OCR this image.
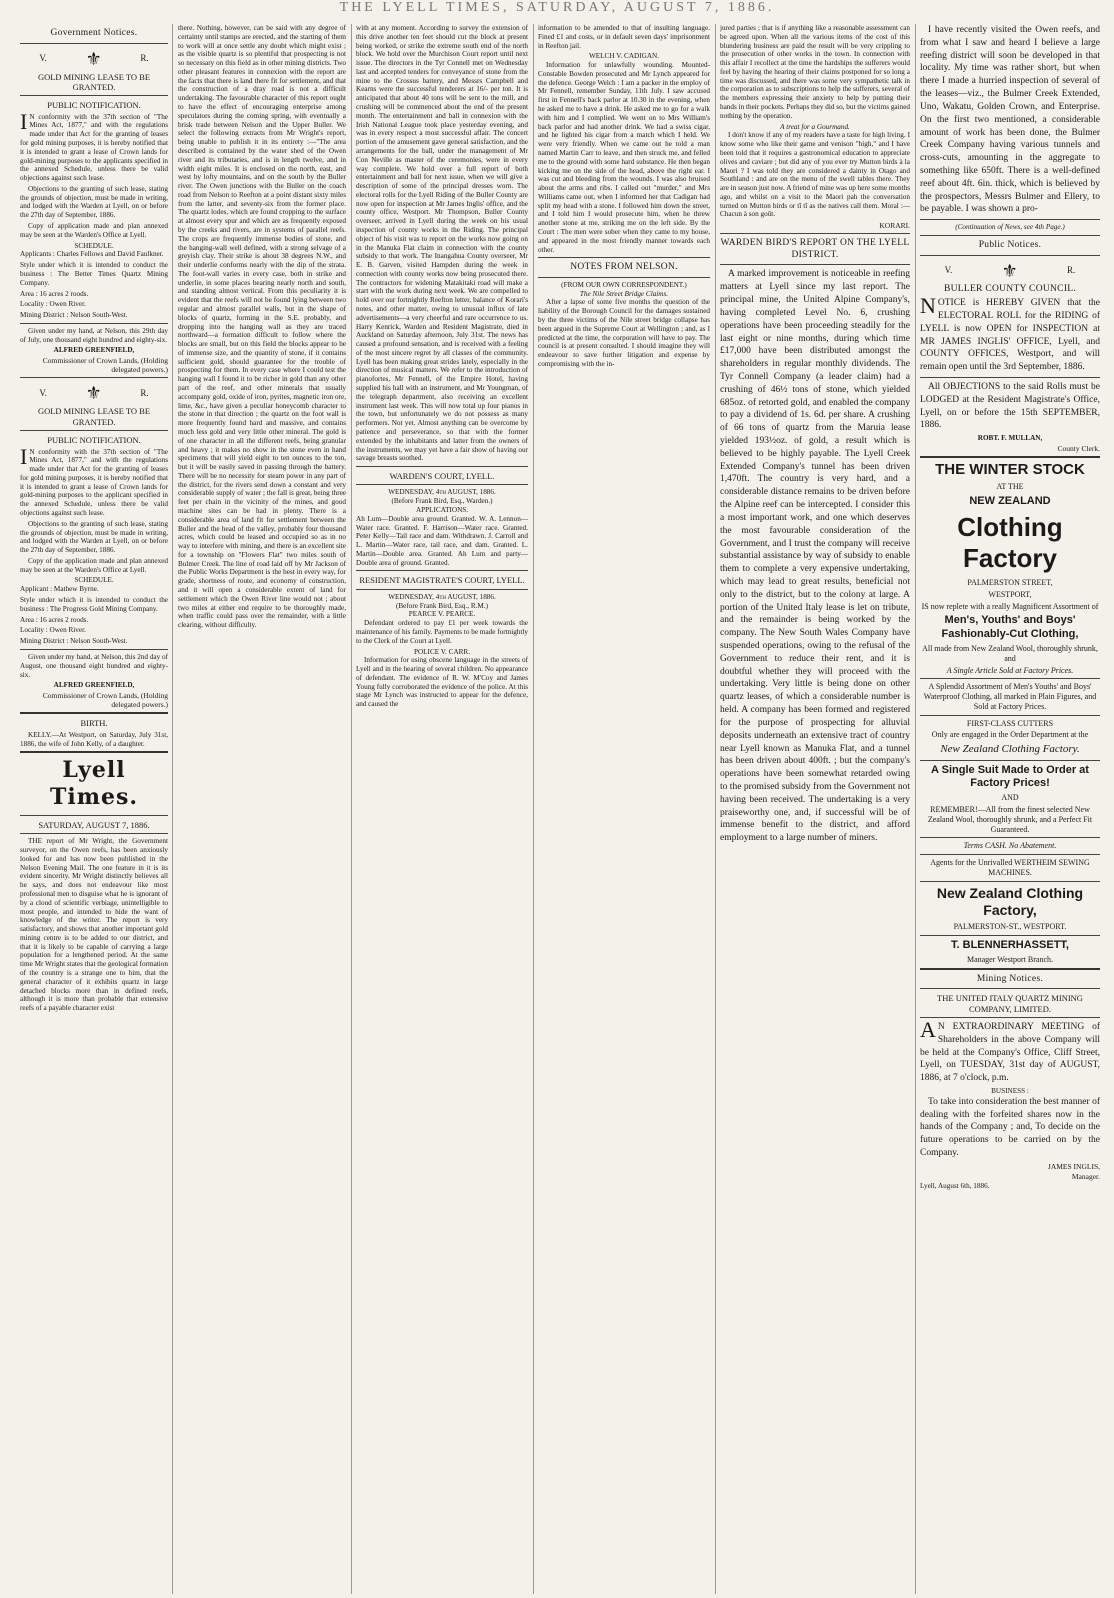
THE LYELL TIMES, SATURDAY, AUGUST 7, 1886.
Government Notices.
V. ⚜	R.
GOLD MINING LEASE TO BE GRANTED.
PUBLIC NOTIFICATION.

I N conformity with the 37th section of "The Mines Act, 1877," and with the regulations made under that Act for the granting of leases for gold mining purposes, it is hereby notified that it is intended to grant a lease of Crown lands for gold-mining purposes to the applicants specified in the annexed Schedule, unless there be valid objections against such lease.

Objections to the granting of such lease, stating the grounds of objection, must be made in writing, and lodged with the Warden at Lyell, on or before the 27th day of September, 1886.

Copy of application made and plan annexed may be seen at the Warden's Office at Lyell.

SCHEDULE.

Applicants : Charles Fellows and David Faulkner.

Style under which it is intended to conduct the business : The Better Times Quartz Mining Company.

Area : 16 acres 2 roods.

Locality : Owen River.

Mining District : Nelson South-West.

Given under my hand, at Nelson, this 29th day of July, one thousand eight hundred and eighty-six.

ALFRED GREENFIELD,
Commissioner of Crown Lands, (Holding delegated powers.)
V. ⚜	R.
GOLD MINING LEASE TO BE GRANTED.
PUBLIC NOTIFICATION.

I N conformity with the 37th section of "The Mines Act, 1877," and with the regulations made under that Act for the granting of leases for gold mining purposes, it is hereby notified that it is intended to grant a lease of Crown lands for gold-mining purposes to the applicant specified in the annexed Schedule, unless there be valid objections against such lease.

Objections to the granting of such lease, stating the grounds of objection, must be made in writing, and lodged with the Warden at Lyell, on or before the 27th day of September, 1886.

Copy of the application made and plan annexed may be seen at the Warden's Office at Lyell.

SCHEDULE.

Applicant : Mathew Byrne.

Style under which it is intended to conduct the business : The Progress Gold Mining Company.

Area : 16 acres 2 roods.

Locality : Owen River.

Mining District : Nelson South-West.

Given under my hand, at Nelson, this 2nd day of August, one thousand eight hundred and eighty-six.

ALFRED GREENFIELD,
Commissioner of Crown Lands, (Holding delegated powers.)
BIRTH.

KELLY.—At Westport, on Saturday, July 31st, 1886, the wife of John Kelly, of a daughter.

Lyell Times.
SATURDAY, AUGUST 7, 1886.

THE report of Mr Wright, the Government surveyor, on the Owen reefs, has been anxiously looked for and has now been published in the Nelson Evening Mail. The one feature in it is its evident sincerity. Mr Wright distinctly believes all he says, and does not endeavour like most professional men to disguise what he is ignorant of by a cloud of scientific verbiage, unintelligible to most people, and intended to hide the want of knowledge of the writer. The report is very satisfactory, and shows that another important gold mining centre is to be added to our district, and that it is likely to be capable of carrying a large population for a lengthened period. At the same time Mr Wright states that the geological formation of the country is a strange one to him, that the general character of it exhibits quartz in large detached blocks more than in defined reefs, although it is more than probable that extensive reefs of a payable character exist

there. Nothing, however, can be said with any degree of certainty until stamps are erected, and the starting of them to work will at once settle any doubt which might exist ; as the visible quartz is so plentiful that prospecting is not so necessary on this field as in other mining districts. Two other pleasant features in connexion with the report are the facts that there is land there fit for settlement, and that the construction of a dray road is not a difficult undertaking. The favourable character of this report ought to have the effect of encouraging enterprise among speculators during the coming spring, with eventually a brisk trade between Nelson and the Upper Buller. We select the following extracts from Mr Wright's report, being unable to publish it in its entirety :—"The area described is contained by the water shed of the Owen river and its tributaries, and is in length twelve, and in width eight miles. It is enclosed on the north, east, and west by lofty mountains, and on the south by the Buller river. The Owen junctions with the Buller on the coach road from Nelson to Reefton at a point distant sixty miles from the latter, and seventy-six from the former place. The quartz lodes, which are found cropping to the surface at almost every spur and which are as frequently exposed by the creeks and rivers, are in systems of parallel reefs. The crops are frequently immense bodies of stone, and the hanging-wall well defined, with a strong selvage of a greyish clay. Their strike is about 38 degrees N.W., and their underlie conforms nearly with the dip of the strata. The foot-wall varies in every case, both in strike and underlie, in some places bearing nearly north and south, and standing almost vertical. From this peculiarity it is evident that the reefs will not be found lying between two regular and almost parallel walls, but in the shape of blocks of quartz, forming in the S.E. probably, and dropping into the hanging wall as they are traced northward—a formation difficult to follow where the blocks are small, but on this field the blocks appear to be of immense size, and the quantity of stone, if it contains sufficient gold, should guarantee for the trouble of prospecting for them. In every case where I could test the hanging wall I found it to be richer in gold than any other part of the reef, and other minerals that usually accompany gold, oxide of iron, pyrites, magnetic iron ore, lime, &c., have given a peculiar honeycomb character to the stone in that direction ; the quartz on the foot wall is more frequently found hard and massive, and contains much less gold and very little other mineral. The gold is of one character in all the different reefs, being granular and heavy ; it makes no show in the stone even in hand specimens that will yield eight to ten ounces to the ton, but it will be easily saved in passing through the battery. There will be no necessity for steam power in any part of the district, for the rivers send down a constant and very considerable supply of water ; the fall is great, being three feet per chain in the vicinity of the mines, and good machine sites can be had in plenty. There is a considerable area of land fit for settlement between the Buller and the head of the valley, probably four thousand acres, which could be leased and occupied so as in no way to interfere with mining, and there is an excellent site for a township on "Flowers Flat" two miles south of Bulmer Creek. The line of road laid off by Mr Jackson of the Public Works Department is the best in every way, for grade, shortness of route, and economy of construction, and it will open a considerable extent of land for settlement which the Owen River line would not ; about two miles at either end require to be thoroughly made, when traffic could pass over the remainder, with a little clearing, without difficulty.

with at any moment. According to survey the extension of this drive another ten feet should cut the block at present being worked, or strike the extreme south end of the north block. We hold over the Murchison Court report until next issue. The directors in the Tyr Connell met on Wednesday last and accepted tenders for conveyance of stone from the mine to the Crossus battery, and Messrs Campbell and Kearns were the successful tenderers at 16/- per ton. It is anticipated that about 40 tons will be sent to the mill, and crushing will be commenced about the end of the present month. The entertainment and ball in connexion with the Irish National League took place yesterday evening, and was in every respect a most successful affair. The concert portion of the amusement gave general satisfaction, and the arrangements for the ball, under the management of Mr Con Neville as master of the ceremonies, were in every way complete. We hold over a full report of both entertainment and ball for next issue, when we will give a description of some of the principal dresses worn. The electoral rolls for the Lyell Riding of the Buller County are now open for inspection at Mr James Inglis' office, and the county office, Westport. Mr Thompson, Buller County overseer, arrived in Lyell during the week on his usual inspection of county works in the Riding. The principal object of his visit was to report on the works now going on in the Manuka Flat claim in connection with the county subsidy to that work. The Inangahua County overseer, Mr E. B. Garven, visited Hampden during the week in connection with county works now being prosecuted there. The contractors for widening Matakitaki road will make a start with the work during next week. We are compelled to hold over our fortnightly Reefton letter, balance of Korari's notes, and other matter, owing to unusual influx of late advertisements—a very cheerful and rare occurrence to us. Harry Kenrick, Warden and Resident Magistrate, died in Auckland on Saturday afternoon, July 31st. The news has caused a profound sensation, and is received with a feeling of the most sincere regret by all classes of the community. Lyell has been making great strides lately, especially in the direction of musical matters. We refer to the introduction of pianofortes, Mr Fennell, of the Empire Hotel, having supplied his hall with an instrument, and Mr Youngman, of the telegraph department, also receiving an excellent instrument last week. This will now total up four pianos in the town, but unfortunately we do not possess as many performers. Not yet. Almost anything can be overcome by patience and perseverance, so that with the former extended by the inhabitants and latter from the owners of the instruments, we may yet have a fair show of having our savage breasts soothed.

WARDEN'S COURT, LYELL.
WEDNESDAY, 4th AUGUST, 1886.
(Before Frank Bird, Esq., Warden.)
APPLICATIONS.

Ah Lum—Double area ground. Granted. W. A. Lennon—Water race. Granted. F. Harrison—Water race. Granted. Peter Kelly—Tail race and dam. Withdrawn. J. Carroll and L. Martin—Water race, tail race, and dam. Granted. L. Martin—Double area. Granted. Ah Lum and party—Double area of ground. Granted.

RESIDENT MAGISTRATE'S COURT, LYELL.
WEDNESDAY, 4th AUGUST, 1886.
(Before Frank Bird, Esq., R.M.)
PEARCE V. PEARCE.

Defendant ordered to pay £1 per week towards the maintenance of his family. Payments to be made fortnightly to the Clerk of the Court at Lyell.

POLICE V. CARR.

Information for using obscene language in the streets of Lyell and in the hearing of several children. No appearance of defendant. The evidence of R. W. M'Coy and James Young fully corroborated the evidence of the police. At this stage Mr Lynch was instructed to appear for the defence, and caused the

information to be amended to that of insulting language. Fined £1 and costs, or in default seven days' imprisonment in Reefton jail.

WELCH V. CADIGAN.

Information for unlawfully wounding. Mounted-Constable Bowden prosecuted and Mr Lynch appeared for the defence. George Welch : I am a packer in the employ of Mr Fennell, remember Sunday, 11th July. I saw accused first in Fennell's back parlor at 10.30 in the evening, when he asked me to have a drink. He asked me to go for a walk with him and I complied. We went on to Mrs William's back parlor and had another drink. We had a swiss cigar, and he lighted his cigar from a match which I held. We were very friendly. When we came out he told a man named Martin Carr to leave, and then struck me, and felled me to the ground with some hard substance. He then began kicking me on the side of the head, above the right ear. I was cut and bleeding from the wounds. I was also bruised about the arms and ribs. I called out "murder," and Mrs Williams came out, when I informed her that Cadigan had split my head with a stone. I followed him down the street, and I told him I would prosecute him, when he threw another stone at me, striking me on the left side. By the Court : The men were sober when they came to my house, and appeared in the most friendly manner towards each other.

NOTES FROM NELSON.
(FROM OUR OWN CORRESPONDENT.)
The Nile Street Bridge Claims.

After a lapse of some five months the question of the liability of the Borough Council for the damages sustained by the three victims of the Nile street bridge collapse has been argued in the Supreme Court at Wellington ; and, as I predicted at the time, the corporation will have to pay. The council is at present consulted. I should imagine they will endeavour to save further litigation and expense by compromising with the in-

jured parties ; that is if anything like a reasonable assessment can be agreed upon. When all the various items of the cost of this blundering business are paid the result will be very crippling to the prosecution of other works in the town. In connection with this affair I recollect at the time the hardships the sufferers would feel by having the hearing of their claims postponed for so long a time was discussed, and there was some very sympathetic talk in the corporation as to subscriptions to help the sufferers, several of the members expressing their anxiety to help by putting their hands in their pockets. Perhaps they did so, but the victims gained nothing by the operation.

A treat for a Gourmand.

I don't know if any of my readers have a taste for high living. I know some who like their game and venison "high," and I have been told that it requires a gastronomical education to appreciate olives and caviare ; but did any of you ever try Mutton birds à la Maori ? I was told they are considered a dainty in Otago and Southland : and are on the menu of the swell tables there. They are in season just now. A friend of mine was up here some months ago, and whilst on a visit to the Maori pah the conversation turned on Mutton birds or tī tī as the natives call them. Moral :—Chacun à son goût.

KORARI.
WARDEN BIRD'S REPORT ON THE LYELL DISTRICT.

A marked improvement is noticeable in reefing matters at Lyell since my last report. The principal mine, the United Alpine Company's, having completed Level No. 6, crushing operations have been proceeding steadily for the last eight or nine months, during which time £17,000 have been distributed amongst the shareholders in regular monthly dividends. The Tyr Connell Company (a leader claim) had a crushing of 46½ tons of stone, which yielded 685oz. of retorted gold, and enabled the company to pay a dividend of 1s. 6d. per share. A crushing of 66 tons of quartz from the Maruia lease yielded 193½oz. of gold, a result which is believed to be highly payable. The Lyell Creek Extended Company's tunnel has been driven 1,470ft. The country is very hard, and a considerable distance remains to be driven before the Alpine reef can be intercepted. I consider this a most important work, and one which deserves the most favourable consideration of the Government, and I trust the company will receive substantial assistance by way of subsidy to enable them to complete a very expensive undertaking, which may lead to great results, beneficial not only to the district, but to the colony at large. A portion of the United Italy lease is let on tribute, and the remainder is being worked by the company. The New South Wales Company have suspended operations, owing to the refusal of the Government to reduce their rent, and it is doubtful whether they will proceed with the undertaking. Very little is being done on other quartz leases, of which a considerable number is held. A company has been formed and registered for the purpose of prospecting for alluvial deposits underneath an extensive tract of country near Lyell known as Manuka Flat, and a tunnel has been driven about 400ft. ; but the company's operations have been somewhat retarded owing to the promised subsidy from the Government not having been received. The undertaking is a very praiseworthy one, and, if successful will be of immense benefit to the district, and afford employment to a large number of miners.

I have recently visited the Owen reefs, and from what I saw and heard I believe a large reefing district will soon be developed in that locality. My time was rather short, but when there I made a hurried inspection of several of the leases—viz., the Bulmer Creek Extended, Uno, Wakatu, Golden Crown, and Enterprise. On the first two mentioned, a considerable amount of work has been done, the Bulmer Creek Company having various tunnels and cross-cuts, amounting in the aggregate to something like 650ft. There is a well-defined reef about 4ft. 6in. thick, which is believed by the prospectors, Messrs Bulmer and Ellery, to be payable. I was shown a pro-

(Continuation of News, see 4th Page.)
Public Notices.
V.	⚜	R.
BULLER COUNTY COUNCIL.

NOTICE is HEREBY GIVEN that the ELECTORAL ROLL for the RIDING of LYELL is now OPEN for INSPECTION at MR JAMES INGLIS' OFFICE, Lyell, and COUNTY OFFICES, Westport, and will remain open until the 3rd September, 1886.

All OBJECTIONS to the said Rolls must be LODGED at the Resident Magistrate's Office, Lyell, on or before the 15th SEPTEMBER, 1886.

ROBT. F. MULLAN,
County Clerk.
THE WINTER STOCK
AT THE
NEW ZEALAND
Clothing Factory
PALMERSTON STREET,
WESTPORT,
IS now replete with a really Magnificent Assortment of
Men's, Youths' and Boys' Fashionably-Cut Clothing,
All made from New Zealand Wool, thoroughly shrunk, and
A Single Article Sold at Factory Prices.
A Splendid Assortment of Men's Youths' and Boys' Waterproof Clothing, all marked in Plain Figures, and Sold at Factory Prices.
FIRST-CLASS CUTTERS
Only are engaged in the Order Department at the
New Zealand Clothing Factory.
A Single Suit Made to Order at Factory Prices!
AND
REMEMBER!—All from the finest selected New Zealand Wool, thoroughly shrunk, and a Perfect Fit Guaranteed.
Terms CASH. No Abatement.
Agents for the Unrivalled WERTHEIM SEWING MACHINES.
New Zealand Clothing Factory,
PALMERSTON-ST., WESTPORT.
T. BLENNERHASSETT,
Manager Westport Branch.
Mining Notices.
THE UNITED ITALY QUARTZ MINING COMPANY, LIMITED.

A N EXTRAORDINARY MEETING of Shareholders in the above Company will be held at the Company's Office, Cliff Street, Lyell, on TUESDAY, 31st day of AUGUST, 1886, at 7 o'clock, p.m.

BUSINESS :

To take into consideration the best manner of dealing with the forfeited shares now in the hands of the Company ; and, To decide on the future operations to be carried on by the Company.

JAMES INGLIS,
Manager.
Lyell, August 6th, 1886.
